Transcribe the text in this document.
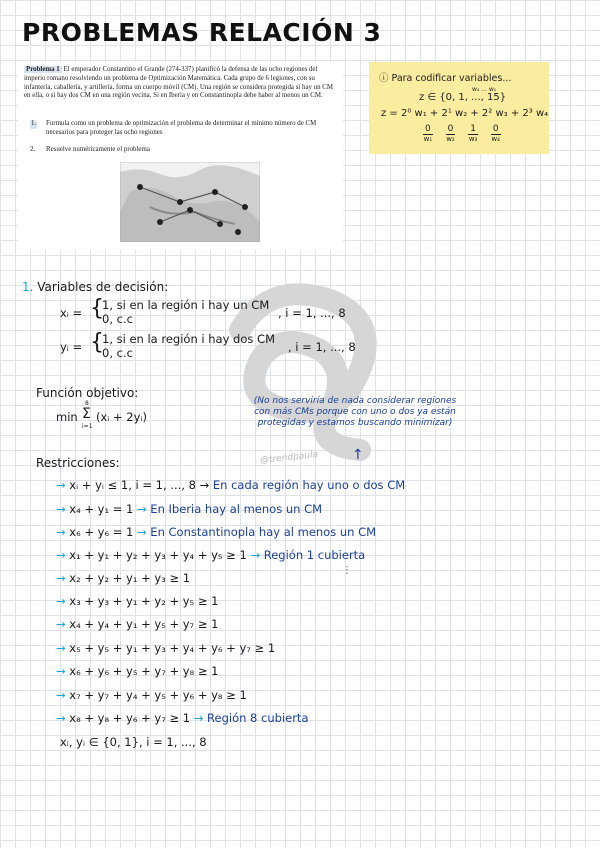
PROBLEMAS RELACIÓN 3
Problema 1 El emperador Constantino el Grande (274-337) planificó la defensa de las ocho regiones del imperio romano resolviendo un problema de Optimización Matemática. Cada grupo de 6 legiones, con su infantería, caballería, y artillería, forma un cuerpo móvil (CM). Una región se considera protegida si hay un CM en ella, o si hay dos CM en una región vecina. Si en Iberia y en Constantinopla debe haber al menos un CM.
1. Formula como un problema de optimización el problema de determinar el mínimo número de CM necesarios para proteger las ocho regiones
2. Resuelve numéricamente el problema
ⓘ Para codificar variables...
w₄ ... w₁
z ∈ {0, 1, ..., 15}
z = 2⁰ w₁ + 2¹ w₂ + 2² w₃ + 2³ w₄
$\frac{0}{\text{w₁}}$
$\frac{0}{\text{w₂}}$
$\frac{1}{\text{w₃}}$
$\frac{0}{\text{w₄}}$
@trendpaula
1. Variables de decisión:
xᵢ = {
1, si en la región i hay un CM
0, c.c	, i = 1, ..., 8
yᵢ = {
1, si en la región i hay dos CM
0, c.c	, i = 1, ..., 8
Función objetivo:
min
8
Σ
i=1
(xᵢ + 2yᵢ)
(No nos serviría de nada considerar regiones con más CMs porque con uno o dos ya están protegidas y estamos buscando minimizar)
↑
Restricciones:
→ xᵢ + yᵢ ≤ 1, i = 1, ..., 8 → En cada región hay uno o dos CM
→ x₄ + y₁ = 1 → En Iberia hay al menos un CM
→ x₆ + y₆ = 1 → En Constantinopla hay al menos un CM
→ x₁ + y₁ + y₂ + y₃ + y₄ + y₅ ≥ 1 → Región 1 cubierta
⋮
→ x₂ + y₂ + y₁ + y₃ ≥ 1
→ x₃ + y₃ + y₁ + y₂ + y₅ ≥ 1
→ x₄ + y₄ + y₁ + y₅ + y₇ ≥ 1
→ x₅ + y₅ + y₁ + y₃ + y₄ + y₆ + y₇ ≥ 1
→ x₆ + y₆ + y₅ + y₇ + y₈ ≥ 1
→ x₇ + y₇ + y₄ + y₅ + y₆ + y₈ ≥ 1
→ x₈ + y₈ + y₆ + y₇ ≥ 1 → Región 8 cubierta
xᵢ, yᵢ ∈ {0, 1}, i = 1, ..., 8
